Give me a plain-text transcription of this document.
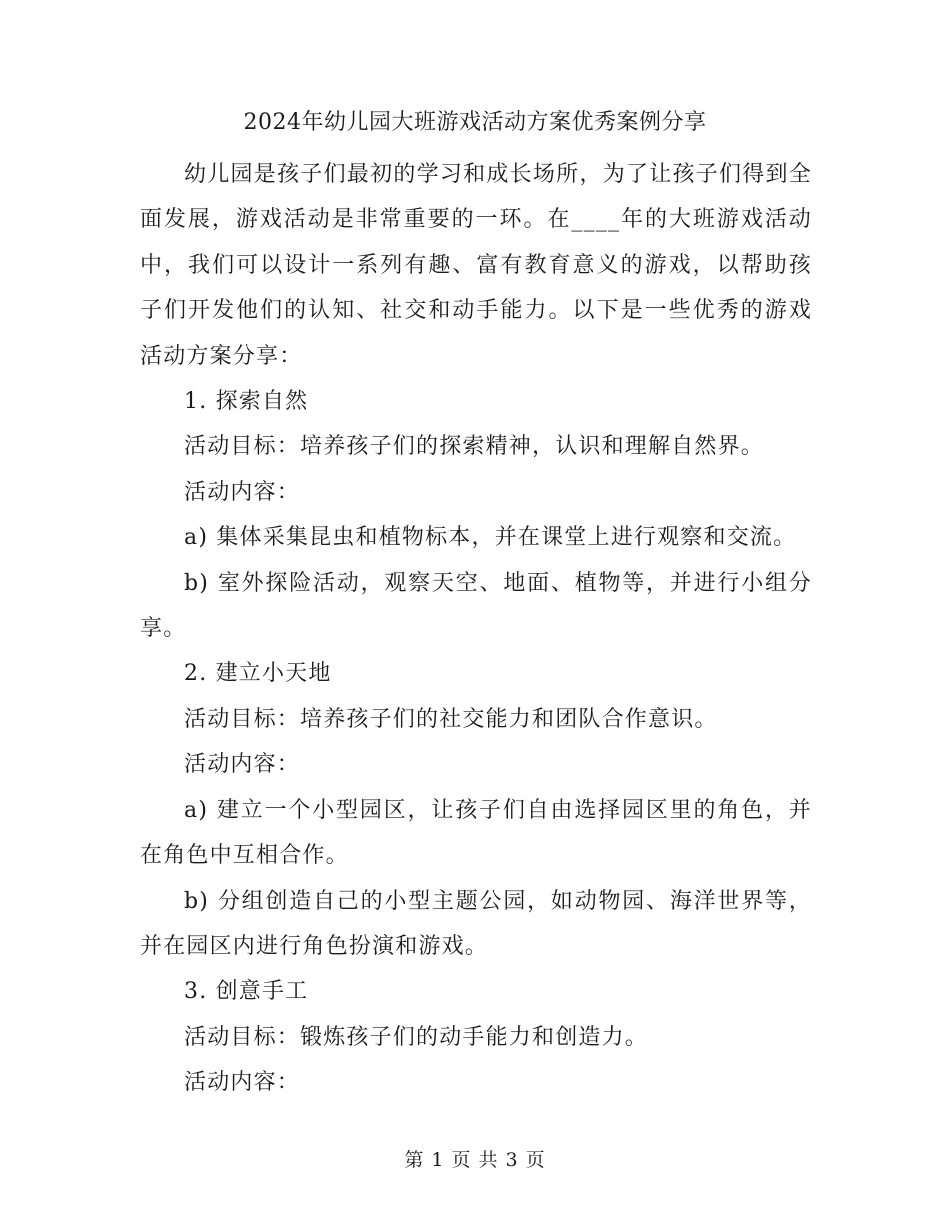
2024年幼儿园大班游戏活动方案优秀案例分享

幼儿园是孩子们最初的学习和成长场所，为了让孩子们得到全面发展，游戏活动是非常重要的一环。在____年的大班游戏活动中，我们可以设计一系列有趣、富有教育意义的游戏，以帮助孩子们开发他们的认知、社交和动手能力。以下是一些优秀的游戏活动方案分享：

1. 探索自然

活动目标：培养孩子们的探索精神，认识和理解自然界。

活动内容：

a) 集体采集昆虫和植物标本，并在课堂上进行观察和交流。

b) 室外探险活动，观察天空、地面、植物等，并进行小组分享。

2. 建立小天地

活动目标：培养孩子们的社交能力和团队合作意识。

活动内容：

a) 建立一个小型园区，让孩子们自由选择园区里的角色，并在角色中互相合作。

b) 分组创造自己的小型主题公园，如动物园、海洋世界等，并在园区内进行角色扮演和游戏。

3. 创意手工

活动目标：锻炼孩子们的动手能力和创造力。

活动内容：

第 1 页 共 3 页
